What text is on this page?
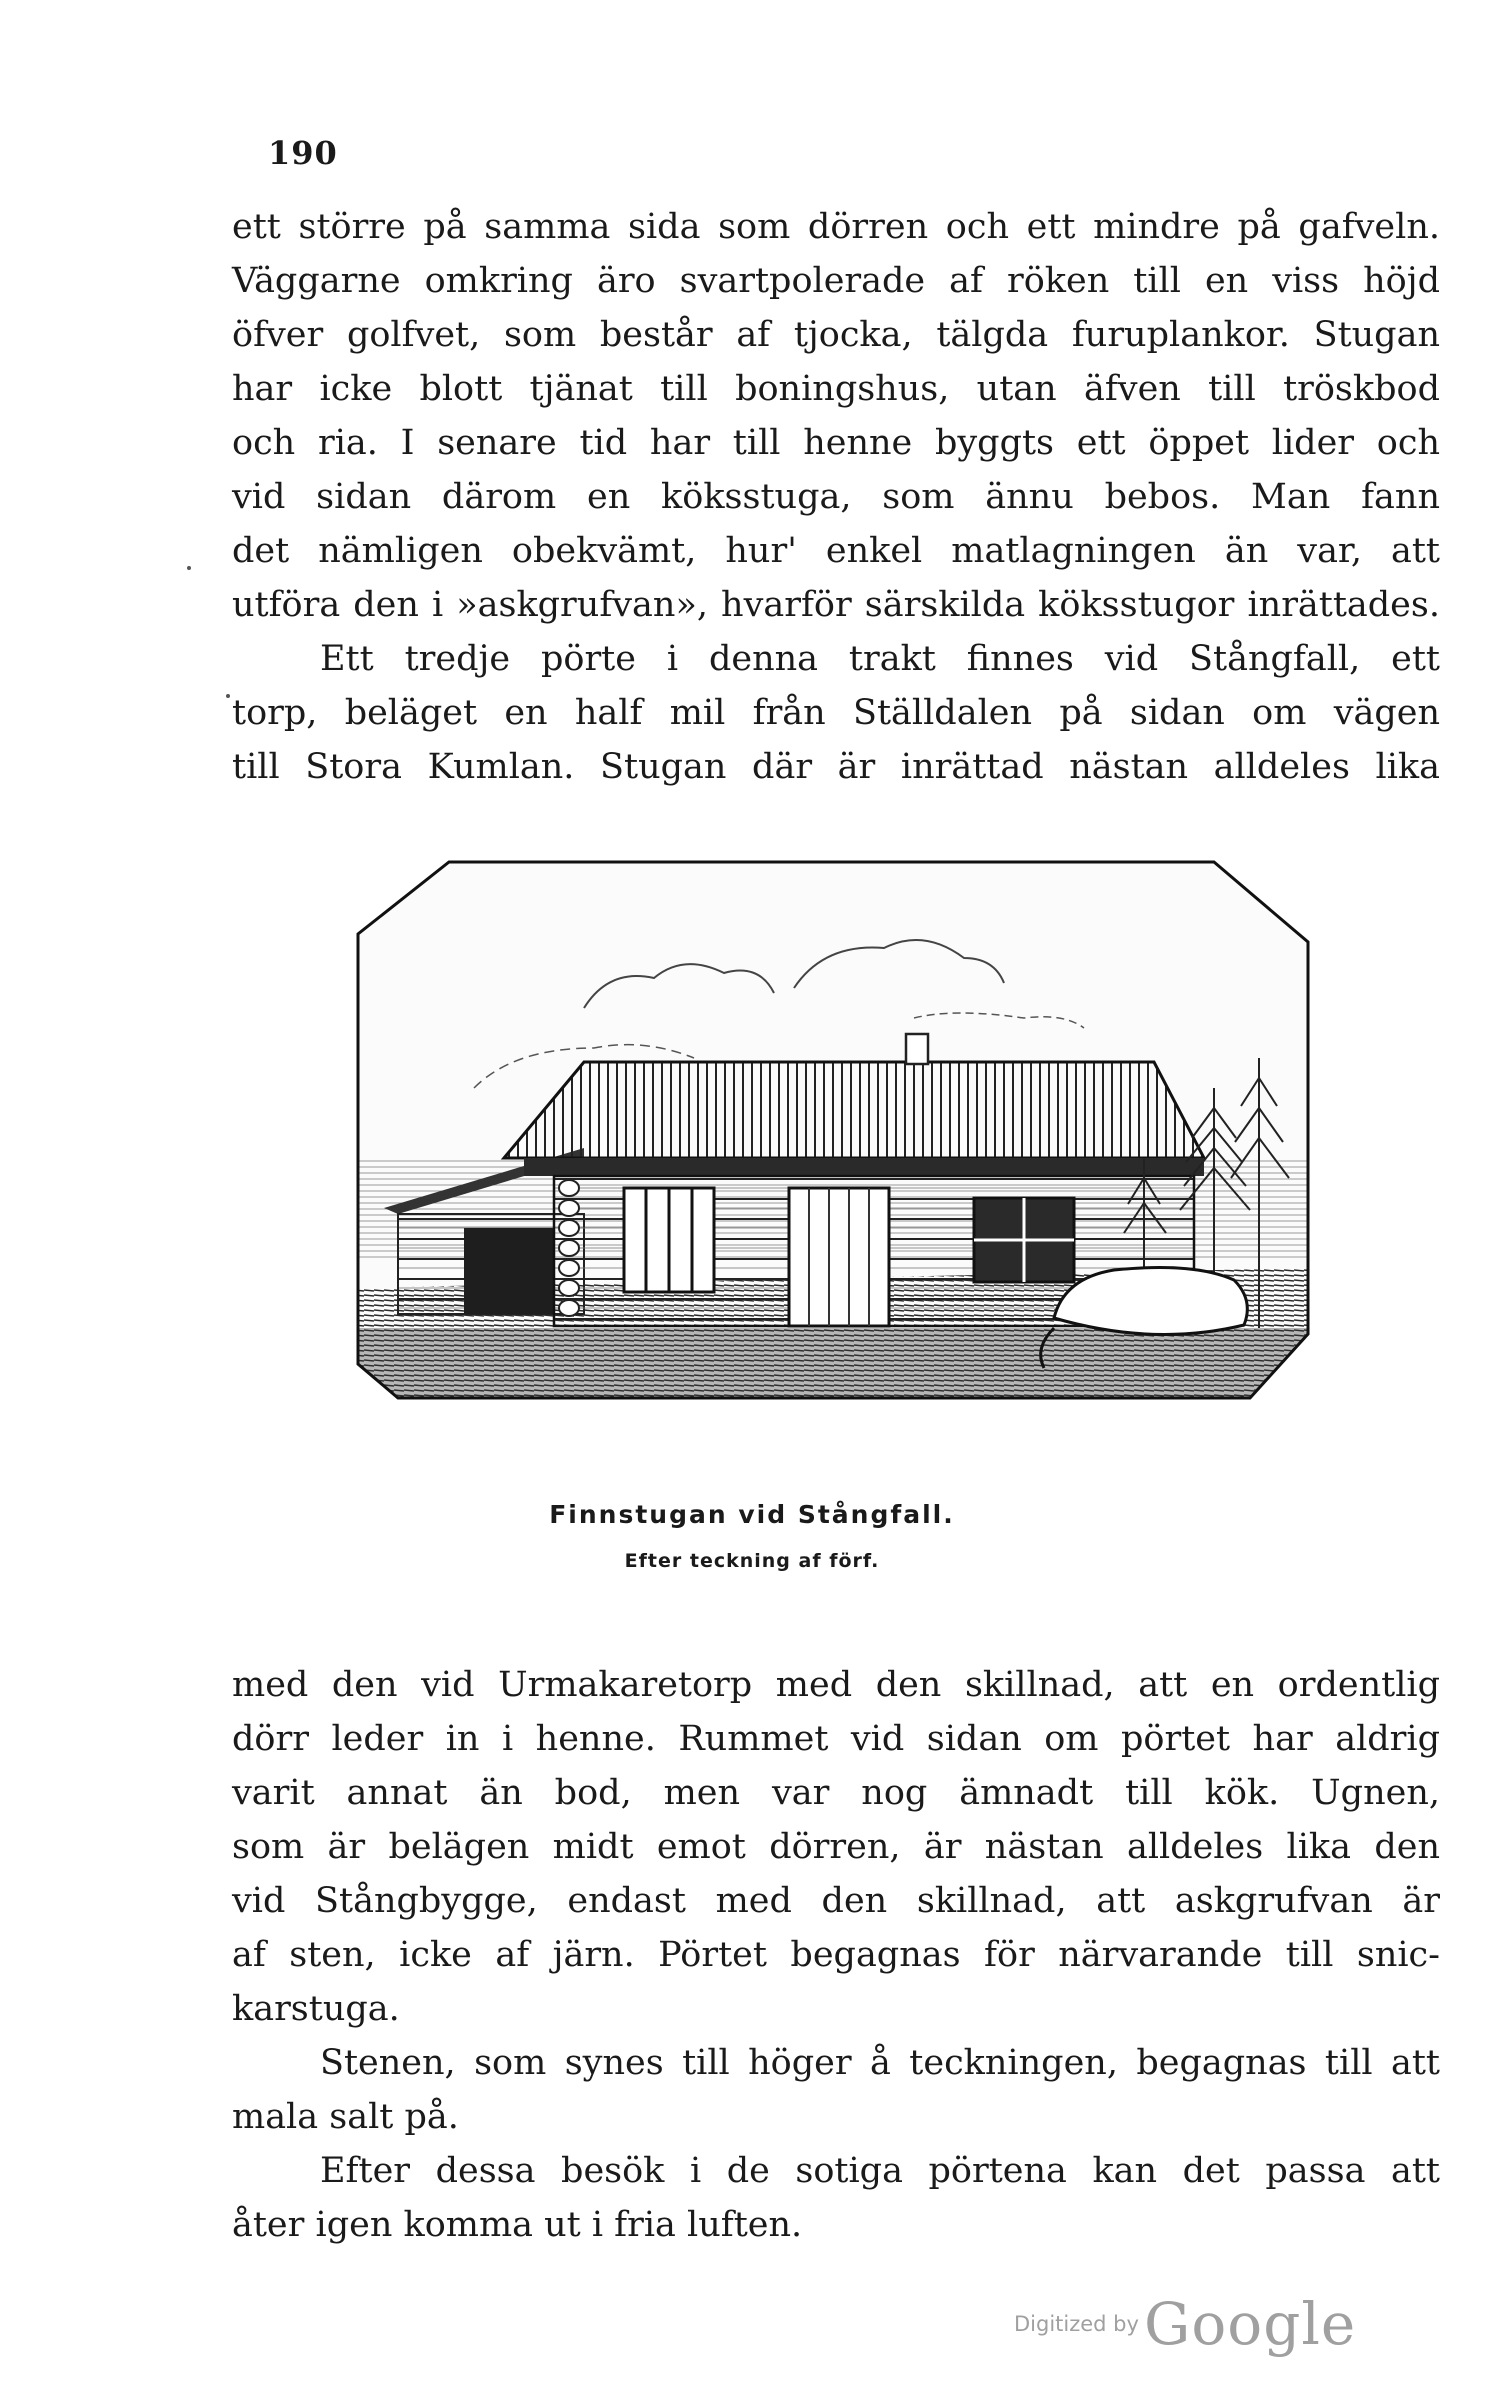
190
ett större på samma sida som dörren och ett mindre på gafveln.
Väggarne omkring äro svartpolerade af röken till en viss höjd
öfver golfvet, som består af tjocka, tälgda furuplankor. Stugan
har icke blott tjänat till boningshus, utan äfven till tröskbod
och ria. I senare tid har till henne byggts ett öppet lider och
vid sidan därom en köksstuga, som ännu bebos. Man fann
det nämligen obekvämt, hur' enkel matlagningen än var, att
utföra den i »askgrufvan», hvarför särskilda köksstugor inrättades.
Ett tredje pörte i denna trakt finnes vid Stångfall, ett
torp, beläget en half mil från Ställdalen på sidan om vägen
till Stora Kumlan. Stugan där är inrättad nästan alldeles lika
Finnstugan vid Stångfall.
Efter teckning af förf.
med den vid Urmakaretorp med den skillnad, att en ordentlig
dörr leder in i henne. Rummet vid sidan om pörtet har aldrig
varit annat än bod, men var nog ämnadt till kök. Ugnen,
som är belägen midt emot dörren, är nästan alldeles lika den
vid Stångbygge, endast med den skillnad, att askgrufvan är
af sten, icke af järn. Pörtet begagnas för närvarande till snic-
karstuga.
Stenen, som synes till höger å teckningen, begagnas till att
mala salt på.
Efter dessa besök i de sotiga pörtena kan det passa att
åter igen komma ut i fria luften.
Digitized by Google
